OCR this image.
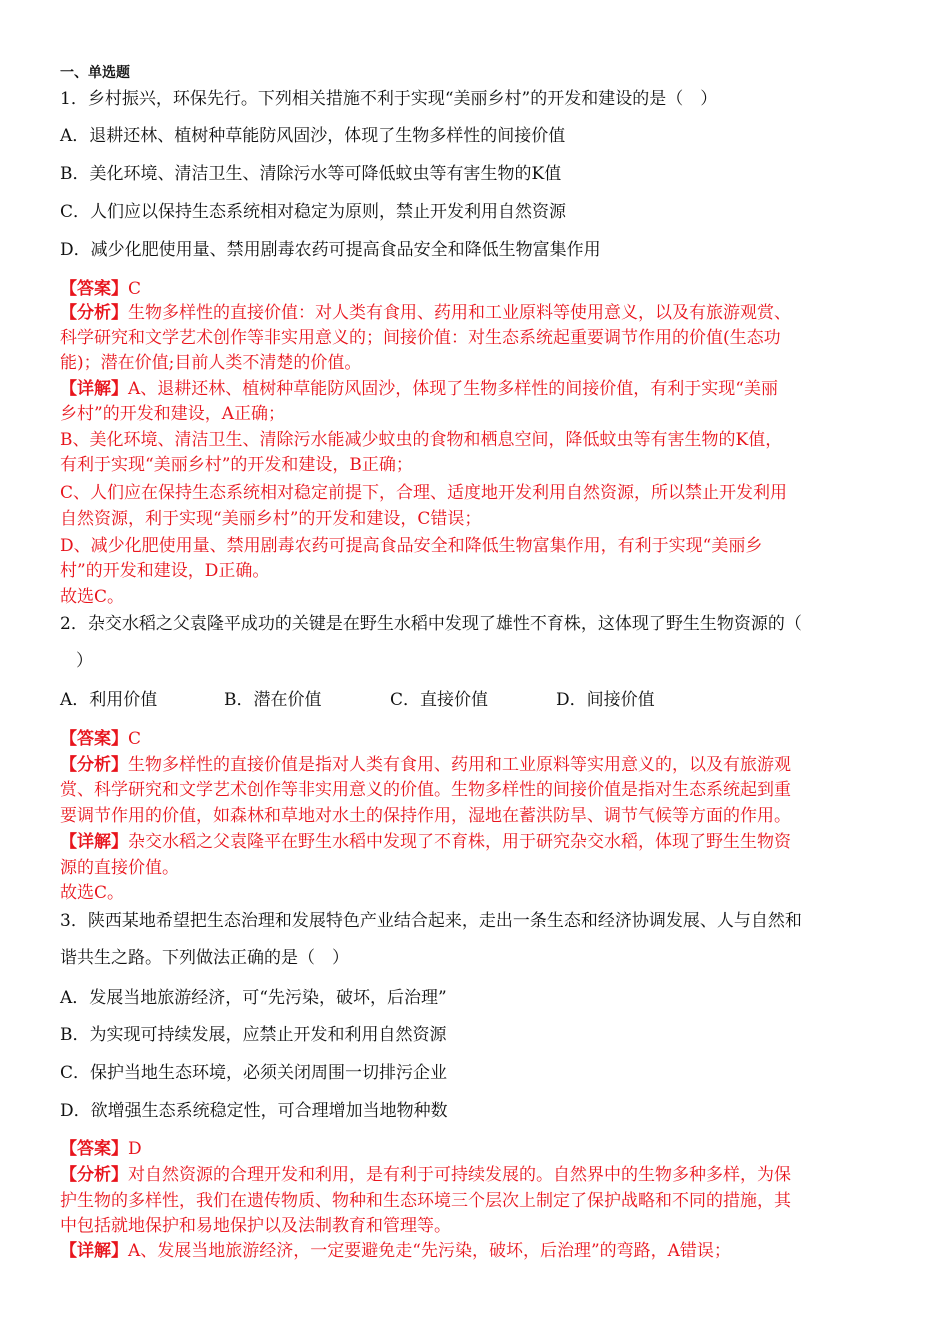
一、单选题
1．乡村振兴，环保先行。下列相关措施不利于实现“美丽乡村”的开发和建设的是（　）
A．退耕还林、植树种草能防风固沙，体现了生物多样性的间接价值
B．美化环境、清洁卫生、清除污水等可降低蚊虫等有害生物的K值
C．人们应以保持生态系统相对稳定为原则，禁止开发利用自然资源
D．减少化肥使用量、禁用剧毒农药可提高食品安全和降低生物富集作用
【答案】C
【分析】生物多样性的直接价值：对人类有食用、药用和工业原料等使用意义，以及有旅游观赏、
科学研究和文学艺术创作等非实用意义的；间接价值：对生态系统起重要调节作用的价值(生态功
能)；潜在价值;目前人类不清楚的价值。
【详解】A、退耕还林、植树种草能防风固沙，体现了生物多样性的间接价值，有利于实现“美丽
乡村”的开发和建设，A正确；
B、美化环境、清洁卫生、清除污水能减少蚊虫的食物和栖息空间，降低蚊虫等有害生物的K值，
有利于实现“美丽乡村”的开发和建设，B正确；
C、人们应在保持生态系统相对稳定前提下，合理、适度地开发利用自然资源，所以禁止开发利用
自然资源，利于实现“美丽乡村”的开发和建设，C错误；
D、减少化肥使用量、禁用剧毒农药可提高食品安全和降低生物富集作用，有利于实现“美丽乡
村”的开发和建设，D正确。
故选C。
2．杂交水稻之父袁隆平成功的关键是在野生水稻中发现了雄性不育株，这体现了野生生物资源的（
）
A．利用价值	B．潜在价值	C．直接价值	D．间接价值
【答案】C
【分析】生物多样性的直接价值是指对人类有食用、药用和工业原料等实用意义的，以及有旅游观
赏、科学研究和文学艺术创作等非实用意义的价值。生物多样性的间接价值是指对生态系统起到重
要调节作用的价值，如森林和草地对水土的保持作用，湿地在蓄洪防旱、调节气候等方面的作用。
【详解】杂交水稻之父袁隆平在野生水稻中发现了不育株，用于研究杂交水稻，体现了野生生物资
源的直接价值。
故选C。
3．陕西某地希望把生态治理和发展特色产业结合起来，走出一条生态和经济协调发展、人与自然和
谐共生之路。下列做法正确的是（　）
A．发展当地旅游经济，可“先污染，破坏，后治理”
B．为实现可持续发展，应禁止开发和利用自然资源
C．保护当地生态环境，必须关闭周围一切排污企业
D．欲增强生态系统稳定性，可合理增加当地物种数
【答案】D
【分析】对自然资源的合理开发和利用，是有利于可持续发展的。自然界中的生物多种多样，为保
护生物的多样性，我们在遗传物质、物种和生态环境三个层次上制定了保护战略和不同的措施，其
中包括就地保护和易地保护以及法制教育和管理等。
【详解】A、发展当地旅游经济，一定要避免走“先污染，破坏，后治理”的弯路，A错误；
